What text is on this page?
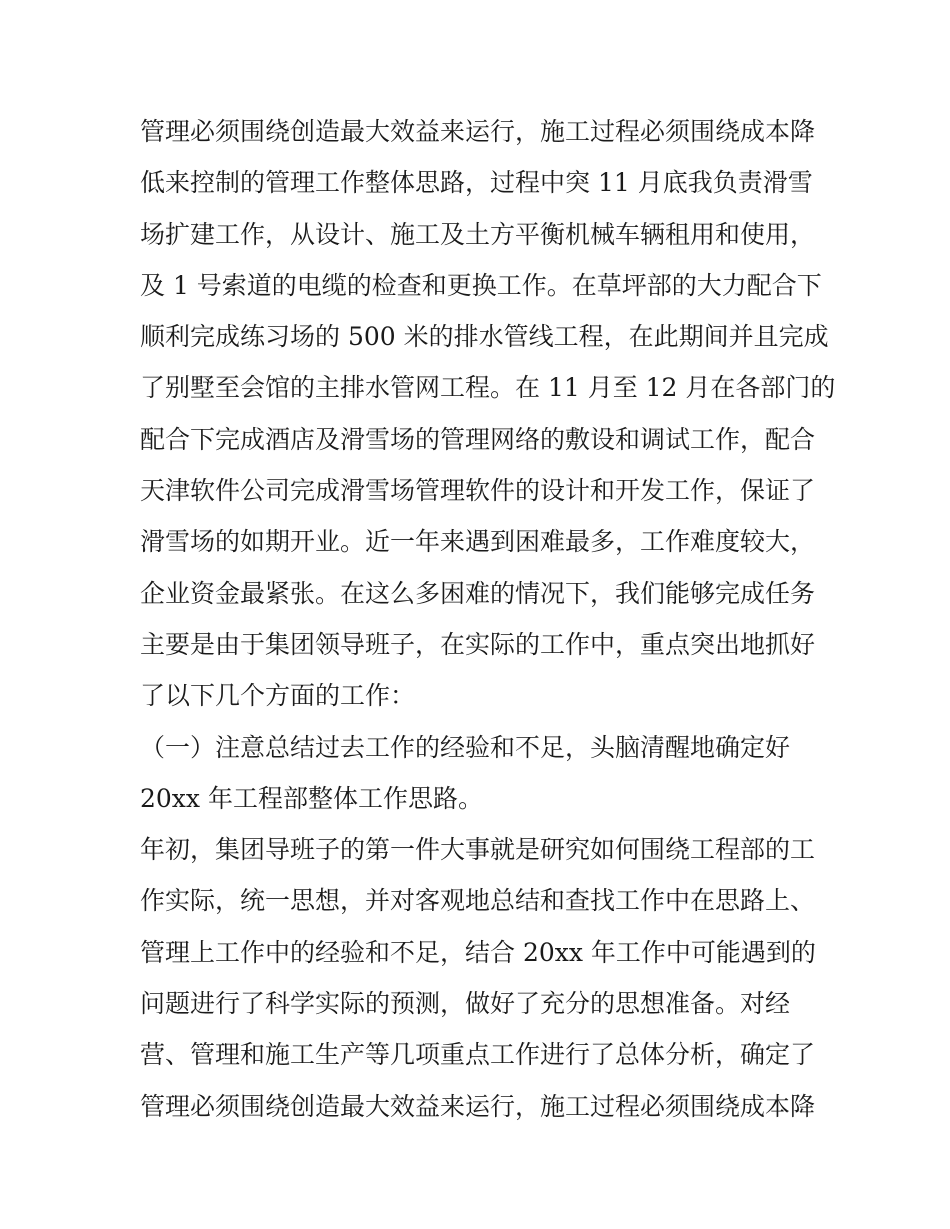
管理必须围绕创造最大效益来运行，施工过程必须围绕成本降
低来控制的管理工作整体思路，过程中突 11 月底我负责滑雪
场扩建工作，从设计、施工及土方平衡机械车辆租用和使用，
及 1 号索道的电缆的检查和更换工作。在草坪部的大力配合下
顺利完成练习场的 500 米的排水管线工程，在此期间并且完成
了别墅至会馆的主排水管网工程。在 11 月至 12 月在各部门的
配合下完成酒店及滑雪场的管理网络的敷设和调试工作，配合
天津软件公司完成滑雪场管理软件的设计和开发工作，保证了
滑雪场的如期开业。近一年来遇到困难最多，工作难度较大，
企业资金最紧张。在这么多困难的情况下，我们能够完成任务
主要是由于集团领导班子，在实际的工作中，重点突出地抓好
了以下几个方面的工作：
（一）注意总结过去工作的经验和不足，头脑清醒地确定好
20xx 年工程部整体工作思路。
年初，集团导班子的第一件大事就是研究如何围绕工程部的工
作实际，统一思想，并对客观地总结和查找工作中在思路上、
管理上工作中的经验和不足，结合 20xx 年工作中可能遇到的
问题进行了科学实际的预测，做好了充分的思想准备。对经
营、管理和施工生产等几项重点工作进行了总体分析，确定了
管理必须围绕创造最大效益来运行，施工过程必须围绕成本降
